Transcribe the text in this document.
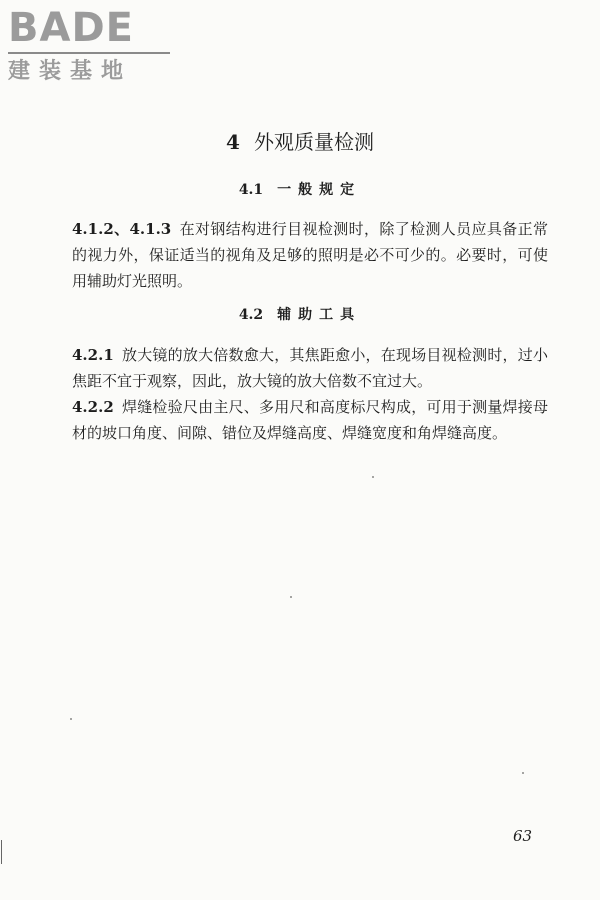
BADE
建装基地
4 外观质量检测
4.1 一般规定
4.1.2、4.1.3 在对钢结构进行目视检测时，除了检测人员应具备正常的视力外，保证适当的视角及足够的照明是必不可少的。必要时，可使用辅助灯光照明。
4.2 辅助工具
4.2.1 放大镜的放大倍数愈大，其焦距愈小，在现场目视检测时，过小焦距不宜于观察，因此，放大镜的放大倍数不宜过大。
4.2.2 焊缝检验尺由主尺、多用尺和高度标尺构成，可用于测量焊接母材的坡口角度、间隙、错位及焊缝高度、焊缝宽度和角焊缝高度。
63
